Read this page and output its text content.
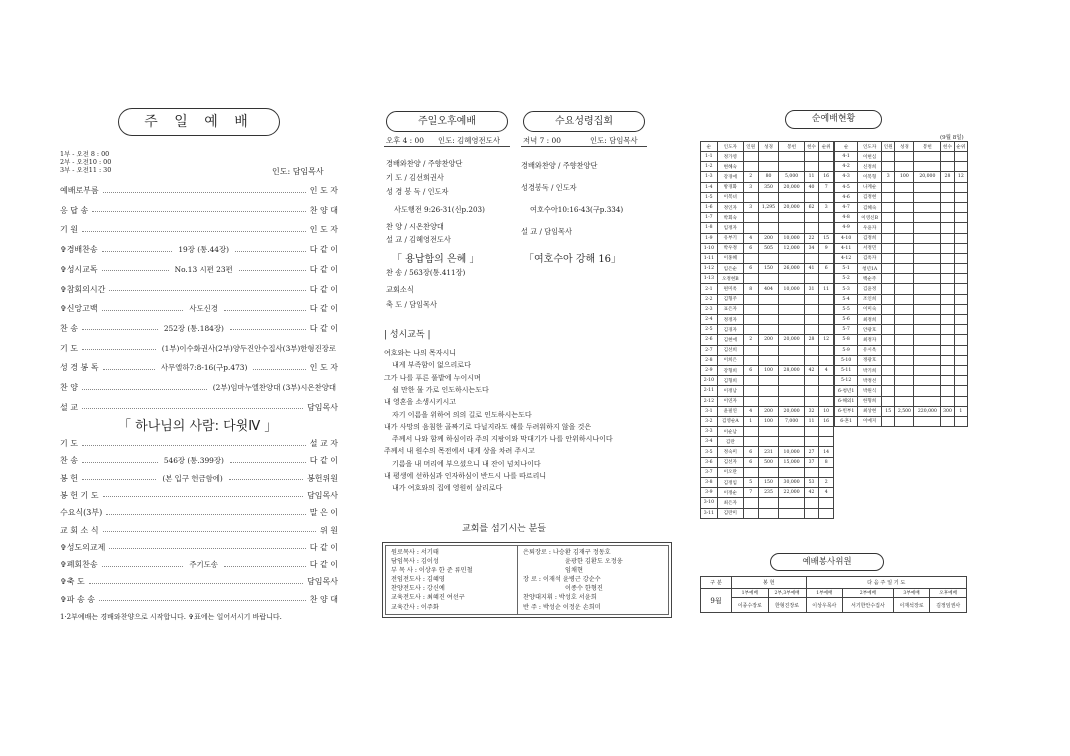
주 일 예 배
1부 - 오전 8 : 00
2부 - 오전10 : 00
3부 - 오전11 : 30	인도: 담임목사
예배로부름	인 도 자
응 답 송	찬 양 대
기 원	인 도 자
✞경배찬송	19장 (통.44장)	다 같 이
✞성시교독	No.13 시편 23편	다 같 이
✞참회의시간	다 같 이
✞신앙고백	사도신경	다 같 이
찬 송	252장 (통.184장)	다 같 이
기 도	(1부)이수화권사(2부)양두진안수집사(3부)한형진장로
성 경 봉 독	사무엘하7:8-16(구p.473)	인 도 자
찬 양	(2부)임마누엘찬양대 (3부)시온찬양대
설 교	담임목사
「 하나님의 사람: 다윗Ⅳ 」
기 도	설 교 자
찬 송	546장 (통.399장)	다 같 이
봉 헌	(본 입구 헌금함에)	봉헌위원
봉 헌 기 도	담임목사
수요식(3부)	말 은 이
교 회 소 식	위 원
✞성도의교제	다 같 이
✞폐회찬송	주기도송	다 같 이
✞축 도	담임목사
✞파 송 송	찬 양 대
1·2부예배는 경배와찬양으로 시작합니다. ✞표에는 일어서시기 바랍니다.
주일오후예배
오후 4 : 00 인도: 김혜영전도사
경배와찬양 / 주향찬양단
기 도 / 김선희권사
성 경 봉 독 / 인도자
사도행전 9:26-31(신p.203)
찬 양 / 시온찬양대
설 교 / 김혜영전도사
「 용납함의 은혜 」
찬 송 / 563장(통.411장)
교회소식
축 도 / 담임목사
수요성령집회
저녁 7 : 00	인도: 담임목사
경배와찬양 / 주향찬양단
성경봉독 / 인도자
여호수아10:16-43(구p.334)
설 교 / 담임목사
「여호수아 강해 16」
| 성시교독 |
여호와는 나의 목자시니
내게 부족함이 없으리로다
그가 나를 푸른 풀밭에 누이시며
쉴 만한 물 가로 인도하시는도다
내 영혼을 소생시키시고
자기 이름을 위하여 의의 길로 인도하시는도다
내가 사망의 음침한 골짜기로 다닐지라도 해를 두려워하지 않을 것은
주께서 나와 함께 하심이라 주의 지팡이와 막대기가 나를 안위하시나이다
주께서 내 원수의 목전에서 내게 상을 차려 주시고
기름을 내 머리에 부으셨으니 내 잔이 넘치나이다
내 평생에 선하심과 인자하심이 반드시 나를 따르리니
내가 여호와의 집에 영원히 살리로다
교회를 섬기시는 분들
원로목사 : 서기태
담임목사 : 김이성
부 목 사 : 이상우 한 준 류민철
전임전도사 : 김혜영
찬양전도사 : 강신예
교육전도사 : 최혜진 여선구
교육간사 : 이주화
은퇴장로 : 나승환 김재구 정동호
윤광한 김환도 오정웅
임채현
장 로 : 이재석 윤병근 강순수
이종수 한형진
찬양대지휘 : 박성호 서윤희
반 주 : 박성순 이정운 손희미
순예배현황
(9월 8일)
순	인도자	인원	성경	봉헌	헌수	순위
1-1	정가영					
1-2	변혜숙					
1-3	강경애	2	80	5,000	11	16
1-4	방경화	3	350	20,000	40	7
1-5	이복녀					
1-6	정인자	3	1,295	20,000	62	3
1-7	박회숙					
1-8	임정자					
1-9	유부기	4	200	10,000	22	15
1-10	박우정	6	505	12,000	34	9
1-11	이홍혜					
1-12	임은순	6	150	26,000	41	6
1-13	오정현B					
2-1	편미옥	8	404	10,000	31	11
2-2	김형주					
2-3	표은자					
2-4	정정자					
2-5	김경자					
2-6	김현애	2	200	20,000	28	12
2-7	김선희					
2-8	이희은					
2-9	강형희	6	100	28,000	42	4
2-10	김형희					
2-11	이정남					
2-12	이연자					
3-1	윤필연	4	200	20,000	32	10
3-2	김영순A	1	100	7,000	11	16
3-3	이순남					
3-4	김란					
3-5	정숙미	6	231	10,000	27	14
3-6	김선자	6	500	15,000	37	8
3-7	이오란					
3-8	김정임	5	150	30,000	53	2
3-9	이정순	7	235	22,000	42	4
3-10	최은자					
3-11	김란미					
순	인도자	인원	성경	봉헌	헌수	순위
4-1	이현심					
4-2	신정희					
4-3	이복형	3	100	20,000	28	12
4-5	나계순					
4-6	김정현					
4-7	김혜숙					
4-8	이영신B					
4-9	우윤자					
4-10	김정희					
4-11	서정민					
4-12	김옥자					
5-1	청년1A					
5-2	백순주					
5-3	김윤정					
5-4	조인희					
5-5	이미숙					
5-6	최정희					
5-7	안광호					
5-8	최정자					
5-9	유시옥					
5-10	정광호					
5-11	박기희					
5-12	박정선					
6-청년1	박원식					
6-해외1	한형희					
6-빈부1	최상현	15	2,500	220,000	300	1
6-혼1	이예지					
예배봉사위원
구 분	봉 헌		다 음 주 일 기 도			
9월	1부예배	2부,3부예배	1부예배	2부예배	3부예배	오후예배
	이종수장로	한형진장로	이상우목사	서기한안수집사	이재석장로	김정임권사
